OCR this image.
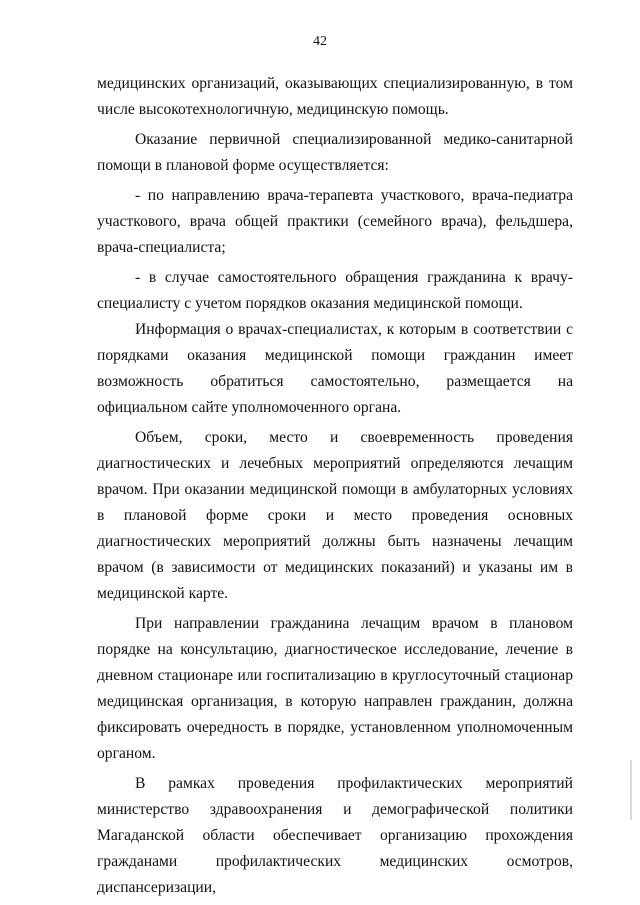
42

медицинских организаций, оказывающих специализированную, в том числе высокотехнологичную, медицинскую помощь.

Оказание первичной специализированной медико-санитарной помощи в плановой форме осуществляется:

- по направлению врача-терапевта участкового, врача-педиатра участкового, врача общей практики (семейного врача), фельдшера, врача-специалиста;

- в случае самостоятельного обращения гражданина к врачу-специалисту с учетом порядков оказания медицинской помощи.

Информация о врачах-специалистах, к которым в соответствии с порядками оказания медицинской помощи гражданин имеет возможность обратиться самостоятельно, размещается на официальном сайте уполномоченного органа.

Объем, сроки, место и своевременность проведения диагностических и лечебных мероприятий определяются лечащим врачом. При оказании медицинской помощи в амбулаторных условиях в плановой форме сроки и место проведения основных диагностических мероприятий должны быть назначены лечащим врачом (в зависимости от медицинских показаний) и указаны им в медицинской карте.

При направлении гражданина лечащим врачом в плановом порядке на консультацию, диагностическое исследование, лечение в дневном стационаре или госпитализацию в круглосуточный стационар медицинская организация, в которую направлен гражданин, должна фиксировать очередность в порядке, установленном уполномоченным органом.

В рамках проведения профилактических мероприятий министерство здравоохранения и демографической политики Магаданской области обеспечивает организацию прохождения гражданами профилактических медицинских осмотров, диспансеризации,
